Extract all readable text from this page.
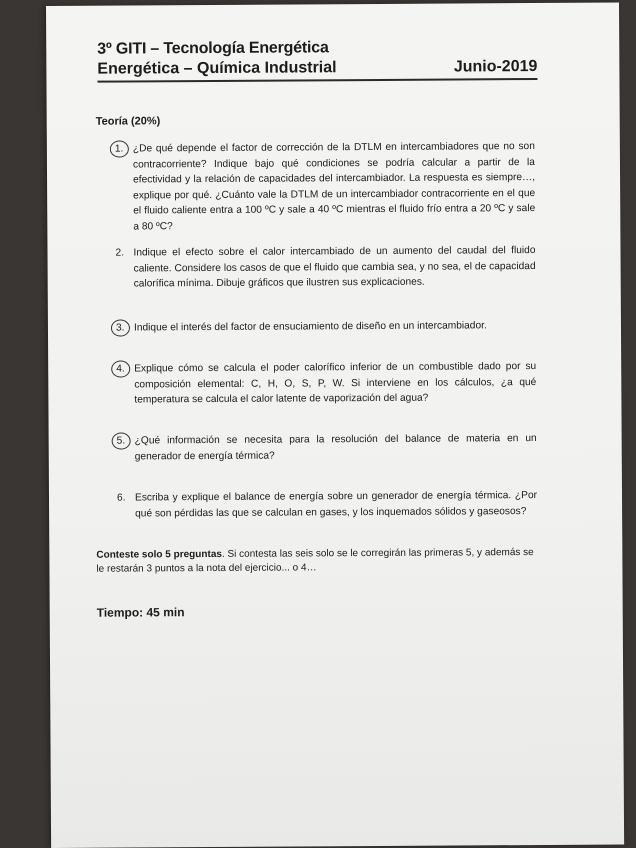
3º GITI – Tecnología Energética
Energética – Química Industrial	Junio-2019
Teoría (20%)
1. ¿De qué depende el factor de corrección de la DTLM en intercambiadores que no son contracorriente? Indique bajo qué condiciones se podría calcular a partir de la efectividad y la relación de capacidades del intercambiador. La respuesta es siempre…, explique por qué. ¿Cuánto vale la DTLM de un intercambiador contracorriente en el que el fluido caliente entra a 100 ºC y sale a 40 ºC mientras el fluido frío entra a 20 ºC y sale a 80 ºC?
2. Indique el efecto sobre el calor intercambiado de un aumento del caudal del fluido caliente. Considere los casos de que el fluido que cambia sea, y no sea, el de capacidad calorífica mínima. Dibuje gráficos que ilustren sus explicaciones.
3. Indique el interés del factor de ensuciamiento de diseño en un intercambiador.
4. Explique cómo se calcula el poder calorífico inferior de un combustible dado por su composición elemental: C, H, O, S, P, W. Si interviene en los cálculos, ¿a qué temperatura se calcula el calor latente de vaporización del agua?
5. ¿Qué información se necesita para la resolución del balance de materia en un generador de energía térmica?
6. Escriba y explique el balance de energía sobre un generador de energía térmica. ¿Por qué son pérdidas las que se calculan en gases, y los inquemados sólidos y gaseosos?
Conteste solo 5 preguntas. Si contesta las seis solo se le corregirán las primeras 5, y además se le restarán 3 puntos a la nota del ejercicio... o 4…
Tiempo: 45 min
